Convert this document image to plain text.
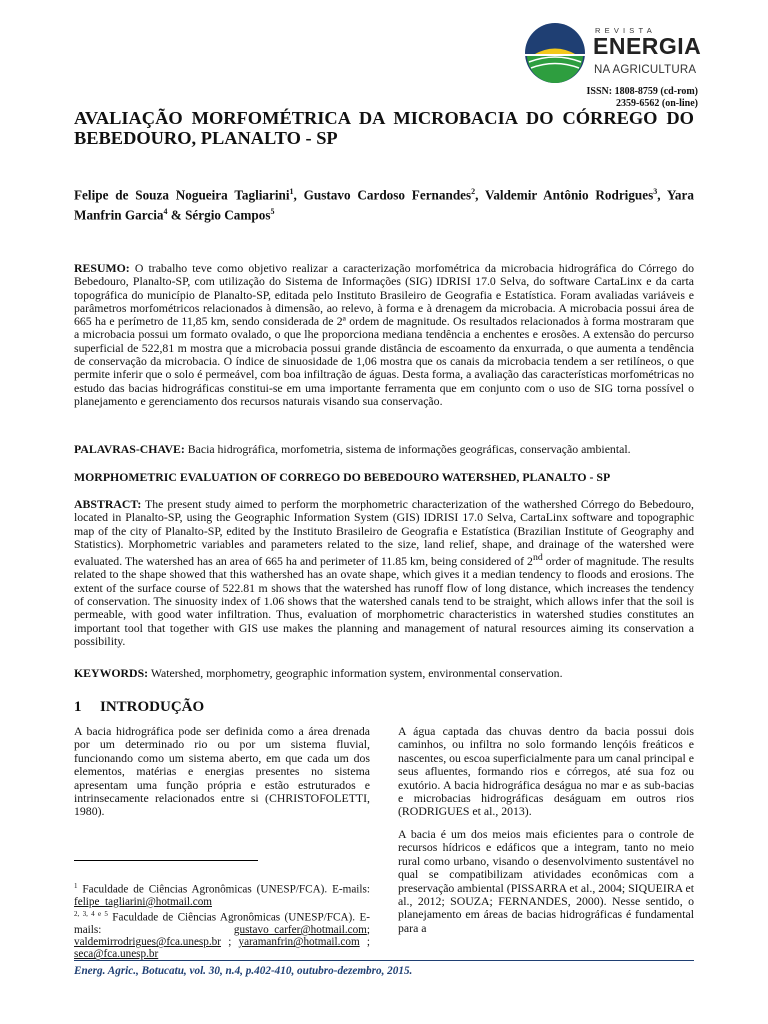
REVISTA
ENERGIA
NA AGRICULTURA
ISSN: 1808-8759 (cd-rom)
2359-6562 (on-line)
AVALIAÇÃO MORFOMÉTRICA DA MICROBACIA DO CÓRREGO DO BEBEDOURO, PLANALTO - SP
Felipe de Souza Nogueira Tagliarini$^1$, Gustavo Cardoso Fernandes$^2$, Valdemir Antônio Rodrigues$^3$, Yara Manfrin Garcia$^4$ & Sérgio Campos$^5$

RESUMO: O trabalho teve como objetivo realizar a caracterização morfométrica da microbacia hidrográfica do Córrego do Bebedouro, Planalto-SP, com utilização do Sistema de Informações (SIG) IDRISI 17.0 Selva, do software CartaLinx e da carta topográfica do município de Planalto-SP, editada pelo Instituto Brasileiro de Geografia e Estatística. Foram avaliadas variáveis e parâmetros morfométricos relacionados à dimensão, ao relevo, à forma e à drenagem da microbacia. A microbacia possui área de 665 ha e perímetro de 11,85 km, sendo considerada de 2ª ordem de magnitude. Os resultados relacionados à forma mostraram que a microbacia possui um formato ovalado, o que lhe proporciona mediana tendência a enchentes e erosões. A extensão do percurso superficial de 522,81 m mostra que a microbacia possui grande distância de escoamento da enxurrada, o que aumenta a tendência de conservação da microbacia. O índice de sinuosidade de 1,06 mostra que os canais da microbacia tendem a ser retilíneos, o que permite inferir que o solo é permeável, com boa infiltração de águas. Desta forma, a avaliação das características morfométricas no estudo das bacias hidrográficas constitui-se em uma importante ferramenta que em conjunto com o uso de SIG torna possível o planejamento e gerenciamento dos recursos naturais visando sua conservação.

PALAVRAS-CHAVE: Bacia hidrográfica, morfometria, sistema de informações geográficas, conservação ambiental.

MORPHOMETRIC EVALUATION OF CORREGO DO BEBEDOURO WATERSHED, PLANALTO - SP

ABSTRACT: The present study aimed to perform the morphometric characterization of the wathershed Córrego do Bebedouro, located in Planalto-SP, using the Geographic Information System (GIS) IDRISI 17.0 Selva, CartaLinx software and topographic map of the city of Planalto-SP, edited by the Instituto Brasileiro de Geografia e Estatística (Brazilian Institute of Geography and Statistics). Morphometric variables and parameters related to the size, land relief, shape, and drainage of the watershed were evaluated. The watershed has an area of 665 ha and perimeter of 11.85 km, being considered of 2nd order of magnitude. The results related to the shape showed that this wathershed has an ovate shape, which gives it a median tendency to floods and erosions. The extent of the surface course of 522.81 m shows that the watershed has runoff flow of long distance, which increases the tendency of conservation. The sinuosity index of 1.06 shows that the watershed canals tend to be straight, which allows infer that the soil is permeable, with good water infiltration. Thus, evaluation of morphometric characteristics in watershed studies constitutes an important tool that together with GIS use makes the planning and management of natural resources aiming its conservation a possibility.

KEYWORDS: Watershed, morphometry, geographic information system, environmental conservation.

1 INTRODUÇÃO

A bacia hidrográfica pode ser definida como a área drenada por um determinado rio ou por um sistema fluvial, funcionando como um sistema aberto, em que cada um dos elementos, matérias e energias presentes no sistema apresentam uma função própria e estão estruturados e intrinsecamente relacionados entre si (CHRISTOFOLETTI, 1980).

A água captada das chuvas dentro da bacia possui dois caminhos, ou infiltra no solo formando lençóis freáticos e nascentes, ou escoa superficialmente para um canal principal e seus afluentes, formando rios e córregos, até sua foz ou exutório. A bacia hidrográfica deságua no mar e as sub-bacias e microbacias hidrográficas deságuam em outros rios (RODRIGUES et al., 2013).

A bacia é um dos meios mais eficientes para o controle de recursos hídricos e edáficos que a integram, tanto no meio rural como urbano, visando o desenvolvimento sustentável no qual se compatibilizam atividades econômicas com a preservação ambiental (PISSARRA et al., 2004; SIQUEIRA et al., 2012; SOUZA; FERNANDES, 2000). Nesse sentido, o planejamento em áreas de bacias hidrográficas é fundamental para a

$^1$ Faculdade de Ciências Agronômicas (UNESP/FCA). E-mails: felipe_tagliarini@hotmail.com

$^{2, 3, 4 e 5}$ Faculdade de Ciências Agronômicas (UNESP/FCA). E-mails: gustavo_carfer@hotmail.com; valdemirrodrigues@fca.unesp.br ; yaramanfrin@hotmail.com ; seca@fca.unesp.br

Energ. Agric., Botucatu, vol. 30, n.4, p.402-410, outubro-dezembro, 2015.
